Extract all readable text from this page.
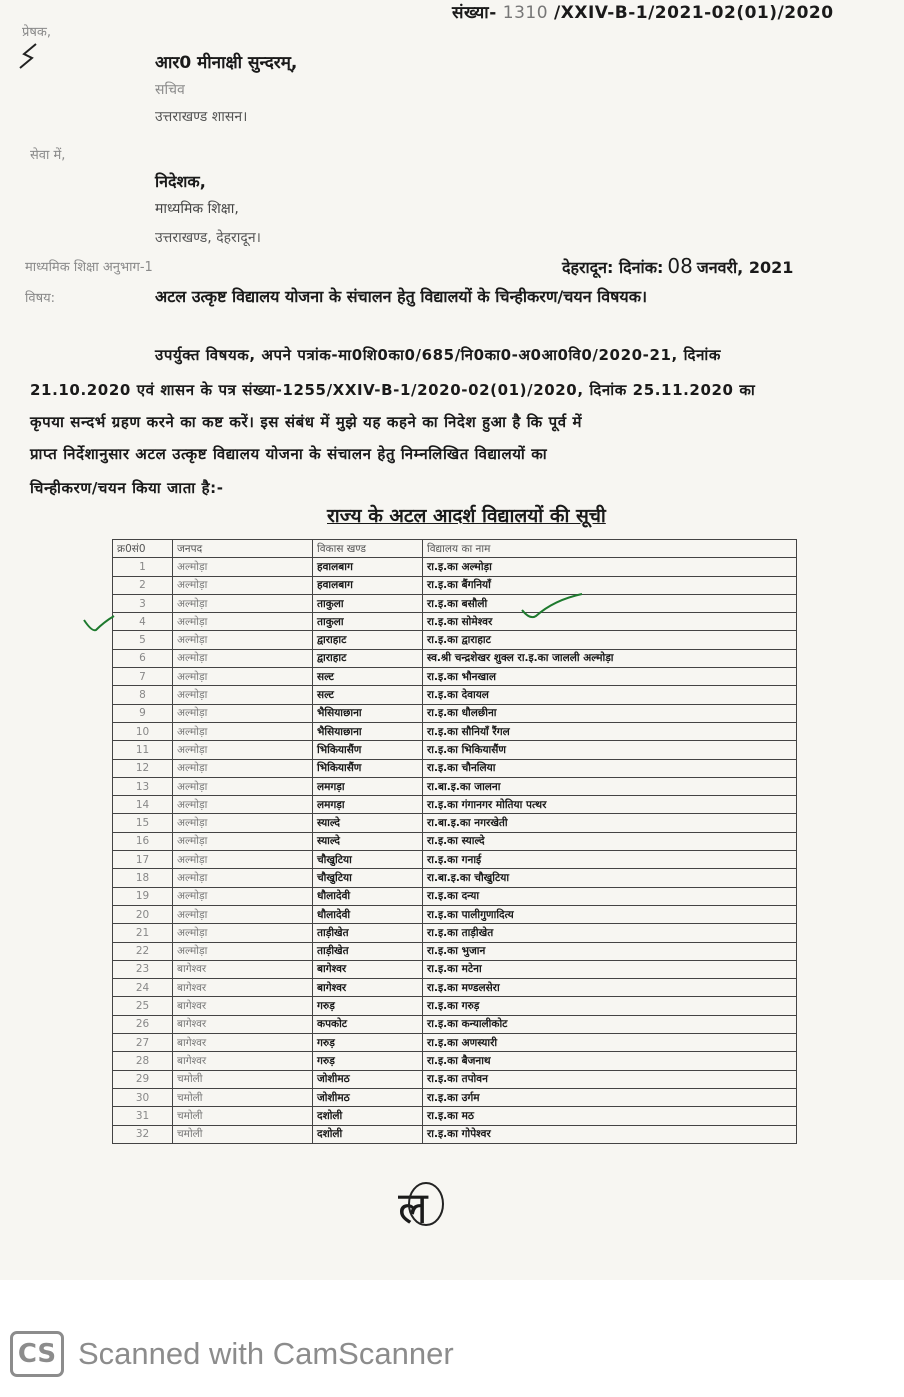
संख्या- 1310 /XXIV-B-1/2021-02(01)/2020
प्रेषक,
आर0 मीनाक्षी सुन्दरम्,
सचिव
उत्तराखण्ड शासन।
सेवा में,
निदेशक,
माध्यमिक शिक्षा,
उत्तराखण्ड, देहरादून।
माध्यमिक शिक्षा अनुभाग-1	देहरादून: दिनांक: 08 जनवरी, 2021
विषय:	अटल उत्कृष्ट विद्यालय योजना के संचालन हेतु विद्यालयों के चिन्हीकरण/चयन विषयक।
उपर्युक्त विषयक, अपने पत्रांक-मा0शि0का0/685/नि0का0-अ0आ0वि0/2020-21, दिनांक
21.10.2020 एवं शासन के पत्र संख्या-1255/XXIV-B-1/2020-02(01)/2020, दिनांक 25.11.2020 का
कृपया सन्दर्भ ग्रहण करने का कष्ट करें। इस संबंध में मुझे यह कहने का निदेश हुआ है कि पूर्व में
प्राप्त निर्देशानुसार अटल उत्कृष्ट विद्यालय योजना के संचालन हेतु निम्नलिखित विद्यालयों का
चिन्हीकरण/चयन किया जाता है:-
राज्य के अटल आदर्श विद्यालयों की सूची
क्र0सं0	जनपद	विकास खण्ड	विद्यालय का नाम
1	अल्मोड़ा	हवालबाग	रा.इ.का अल्मोड़ा
2	अल्मोड़ा	हवालबाग	रा.इ.का बैंगनियाँ
3	अल्मोड़ा	ताकुला	रा.इ.का बसौली
4	अल्मोड़ा	ताकुला	रा.इ.का सोमेश्वर
5	अल्मोड़ा	द्वाराहाट	रा.इ.का द्वाराहाट
6	अल्मोड़ा	द्वाराहाट	स्व.श्री चन्द्रशेखर शुक्ल रा.इ.का जालली अल्मोड़ा
7	अल्मोड़ा	सल्ट	रा.इ.का भौनखाल
8	अल्मोड़ा	सल्ट	रा.इ.का देवायल
9	अल्मोड़ा	भैसियाछाना	रा.इ.का धौलछीना
10	अल्मोड़ा	भैसियाछाना	रा.इ.का सौनियाँ रैंगल
11	अल्मोड़ा	भिकियासैंण	रा.इ.का भिकियासैंण
12	अल्मोड़ा	भिकियासैंण	रा.इ.का चौनलिया
13	अल्मोड़ा	लमगड़ा	रा.बा.इ.का जालना
14	अल्मोड़ा	लमगड़ा	रा.इ.का गंगानगर मोतिया पत्थर
15	अल्मोड़ा	स्याल्दे	रा.बा.इ.का नगरखेती
16	अल्मोड़ा	स्याल्दे	रा.इ.का स्याल्दे
17	अल्मोड़ा	चौखुटिया	रा.इ.का गनाई
18	अल्मोड़ा	चौखुटिया	रा.बा.इ.का चौखुटिया
19	अल्मोड़ा	धौलादेवी	रा.इ.का दन्या
20	अल्मोड़ा	धौलादेवी	रा.इ.का पालीगुणादित्य
21	अल्मोड़ा	ताड़ीखेत	रा.इ.का ताड़ीखेत
22	अल्मोड़ा	ताड़ीखेत	रा.इ.का भुजान
23	बागेश्वर	बागेश्वर	रा.इ.का मटेना
24	बागेश्वर	बागेश्वर	रा.इ.का मण्डलसेरा
25	बागेश्वर	गरुड़	रा.इ.का गरुड़
26	बागेश्वर	कपकोट	रा.इ.का कन्यालीकोट
27	बागेश्वर	गरुड़	रा.इ.का अणस्यारी
28	बागेश्वर	गरुड़	रा.इ.का बैजनाथ
29	चमोली	जोशीमठ	रा.इ.का तपोवन
30	चमोली	जोशीमठ	रा.इ.का उर्गम
31	चमोली	दशोली	रा.इ.का मठ
32	चमोली	दशोली	रा.इ.का गोपेश्वर
ल
CS Scanned with CamScanner
